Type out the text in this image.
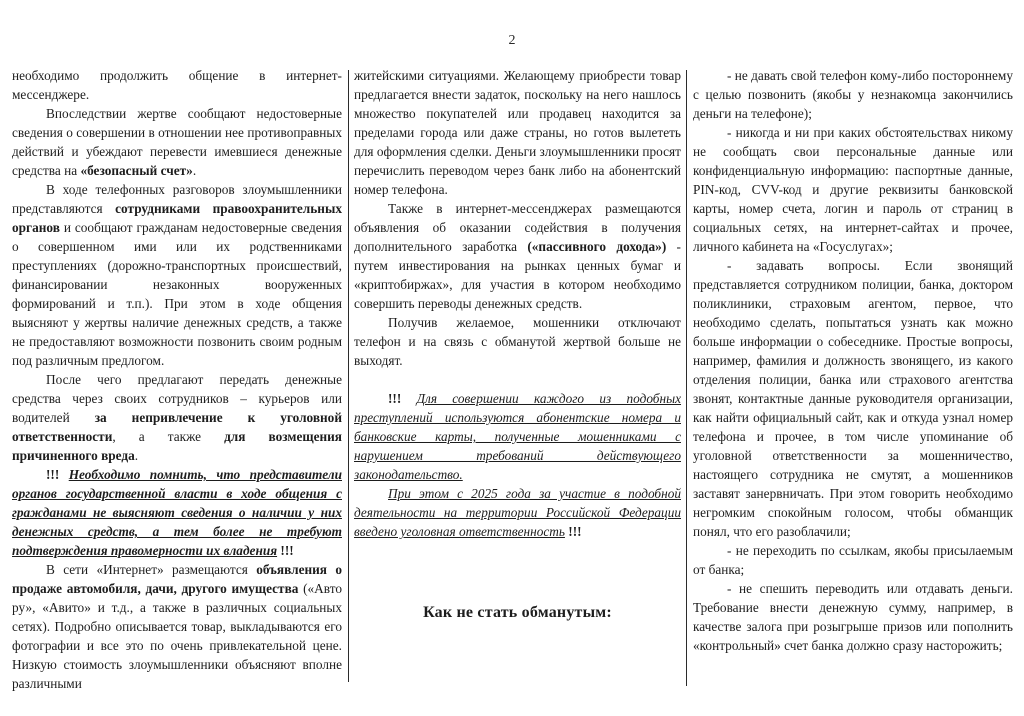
2

необходимо продолжить общение в интернет-мессенджере.

Впоследствии жертве сообщают недостоверные сведения о совершении в отношении нее противоправных действий и убеждают перевести имевшиеся денежные средства на «безопасный счет».

В ходе телефонных разговоров злоумышленники представляются сотрудниками правоохранительных органов и сообщают гражданам недостоверные сведения о совершенном ими или их родственниками преступлениях (дорожно-транспортных происшествий, финансировании незаконных вооруженных формирований и т.п.). При этом в ходе общения выясняют у жертвы наличие денежных средств, а также не предоставляют возможности позвонить своим родным под различным предлогом.

После чего предлагают передать денежные средства через своих сотрудников – курьеров или водителей за непривлечение к уголовной ответственности, а также для возмещения причиненного вреда.

!!! Необходимо помнить, что представители органов государственной власти в ходе общения с гражданами не выясняют сведения о наличии у них денежных средств, а тем более не требуют подтверждения правомерности их владения !!!

В сети «Интернет» размещаются объявления о продаже автомобиля, дачи, другого имущества («Авто ру», «Авито» и т.д., а также в различных социальных сетях). Подробно описывается товар, выкладываются его фотографии и все это по очень привлекательной цене. Низкую стоимость злоумышленники объясняют вполне различными

житейскими ситуациями. Желающему приобрести товар предлагается внести задаток, поскольку на него нашлось множество покупателей или продавец находится за пределами города или даже страны, но готов вылететь для оформления сделки. Деньги злоумышленники просят перечислить переводом через банк либо на абонентский номер телефона.

Также в интернет-мессенджерах размещаются объявления об оказании содействия в получения дополнительного заработка («пассивного дохода») - путем инвестирования на рынках ценных бумаг и «криптобиржах», для участия в котором необходимо совершить переводы денежных средств.

Получив желаемое, мошенники отключают телефон и на связь с обманутой жертвой больше не выходят.

!!! Для совершении каждого из подобных преступлений используются абонентские номера и банковские карты, полученные мошенниками с нарушением требований действующего законодательство.

При этом с 2025 года за участие в подобной деятельности на территории Российской Федерации введено уголовная ответственность !!!

Как не стать обманутым:

- не давать свой телефон кому-либо постороннему с целью позвонить (якобы у незнакомца закончились деньги на телефоне);

- никогда и ни при каких обстоятельствах никому не сообщать свои персональные данные или конфиденциальную информацию: паспортные данные, PIN-код, CVV-код и другие реквизиты банковской карты, номер счета, логин и пароль от страниц в социальных сетях, на интернет-сайтах и прочее, личного кабинета на «Госуслугах»;

- задавать вопросы. Если звонящий представляется сотрудником полиции, банка, доктором поликлиники, страховым агентом, первое, что необходимо сделать, попытаться узнать как можно больше информации о собеседнике. Простые вопросы, например, фамилия и должность звонящего, из какого отделения полиции, банка или страхового агентства звонят, контактные данные руководителя организации, как найти официальный сайт, как и откуда узнал номер телефона и прочее, в том числе упоминание об уголовной ответственности за мошенничество, настоящего сотрудника не смутят, а мошенников заставят занервничать. При этом говорить необходимо негромким спокойным голосом, чтобы обманщик понял, что его разоблачили;

- не переходить по ссылкам, якобы присылаемым от банка;

- не спешить переводить или отдавать деньги. Требование внести денежную сумму, например, в качестве залога при розыгрыше призов или пополнить «контрольный» счет банка должно сразу насторожить;
